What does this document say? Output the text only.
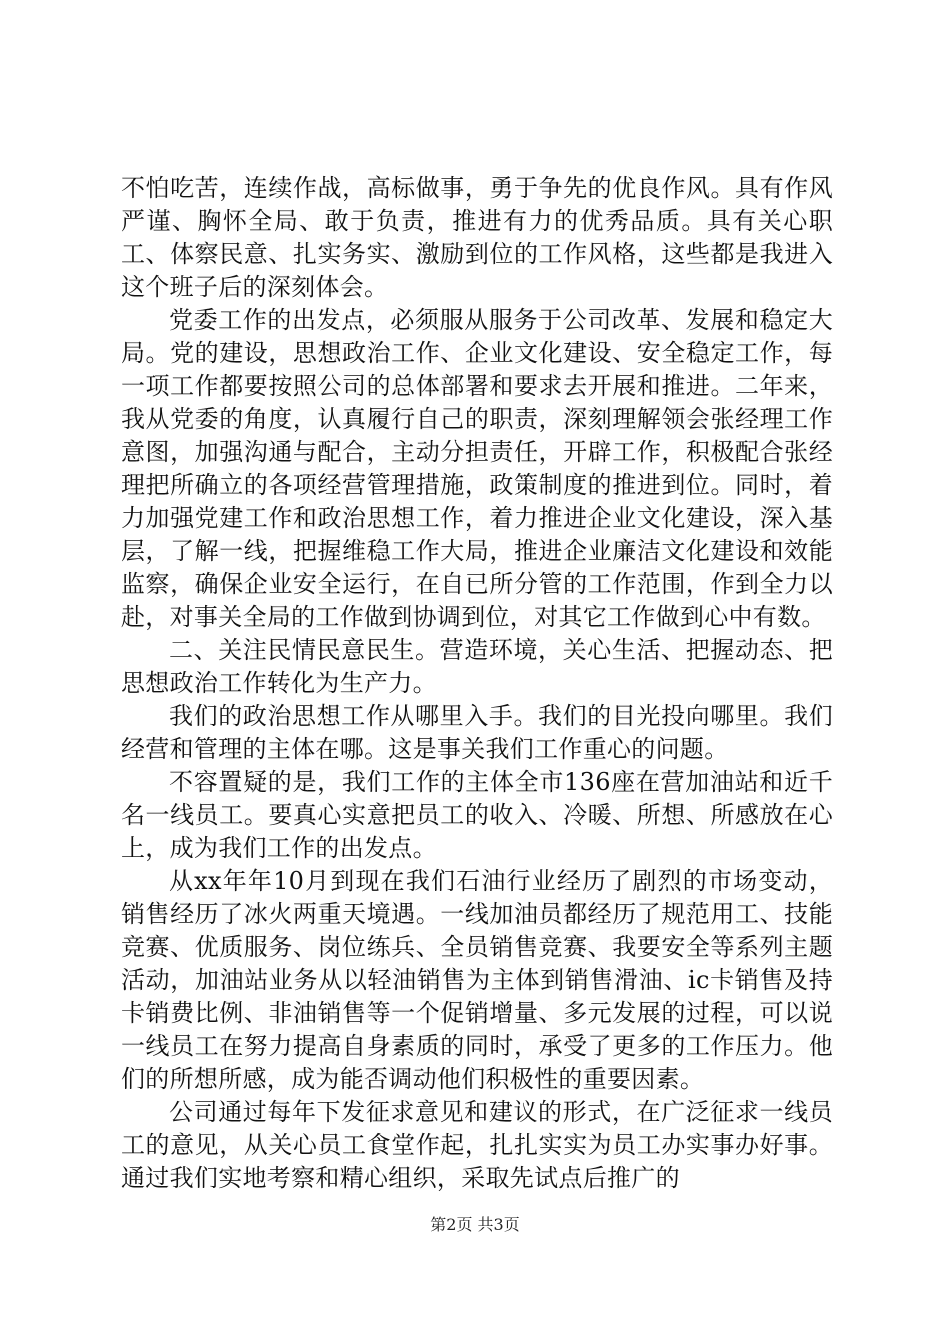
不怕吃苦，连续作战，高标做事，勇于争先的优良作风。具有作风严谨、胸怀全局、敢于负责，推进有力的优秀品质。具有关心职工、体察民意、扎实务实、激励到位的工作风格，这些都是我进入这个班子后的深刻体会。

党委工作的出发点，必须服从服务于公司改革、发展和稳定大局。党的建设，思想政治工作、企业文化建设、安全稳定工作，每一项工作都要按照公司的总体部署和要求去开展和推进。二年来，我从党委的角度，认真履行自己的职责，深刻理解领会张经理工作意图，加强沟通与配合，主动分担责任，开辟工作，积极配合张经理把所确立的各项经营管理措施，政策制度的推进到位。同时，着力加强党建工作和政治思想工作，着力推进企业文化建设，深入基层，了解一线，把握维稳工作大局，推进企业廉洁文化建设和效能监察，确保企业安全运行，在自已所分管的工作范围，作到全力以赴，对事关全局的工作做到协调到位，对其它工作做到心中有数。

二、关注民情民意民生。营造环境，关心生活、把握动态、把思想政治工作转化为生产力。

我们的政治思想工作从哪里入手。我们的目光投向哪里。我们经营和管理的主体在哪。这是事关我们工作重心的问题。

不容置疑的是，我们工作的主体全市136座在营加油站和近千名一线员工。要真心实意把员工的收入、冷暖、所想、所感放在心上，成为我们工作的出发点。

从xx年年10月到现在我们石油行业经历了剧烈的市场变动，销售经历了冰火两重天境遇。一线加油员都经历了规范用工、技能竞赛、优质服务、岗位练兵、全员销售竞赛、我要安全等系列主题活动，加油站业务从以轻油销售为主体到销售滑油、ic卡销售及持卡销费比例、非油销售等一个促销增量、多元发展的过程，可以说一线员工在努力提高自身素质的同时，承受了更多的工作压力。他们的所想所感，成为能否调动他们积极性的重要因素。

公司通过每年下发征求意见和建议的形式，在广泛征求一线员工的意见，从关心员工食堂作起，扎扎实实为员工办实事办好事。通过我们实地考察和精心组织，采取先试点后推广的

第2页 共3页
